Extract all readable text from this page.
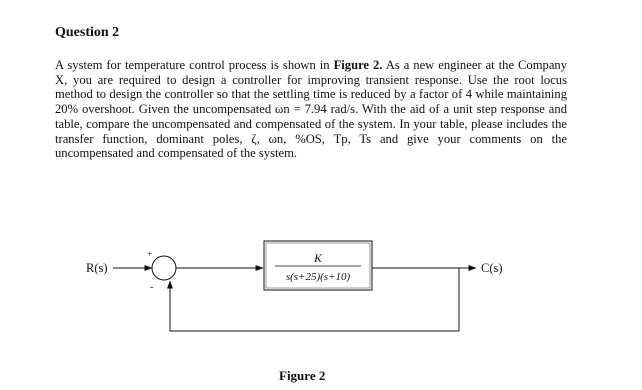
Question 2
A system for temperature control process is shown in Figure 2. As a new engineer at the Company X, you are required to design a controller for improving transient response. Use the root locus method to design the controller so that the settling time is reduced by a factor of 4 while maintaining 20% overshoot. Given the uncompensated ωn = 7.94 rad/s. With the aid of a unit step response and table, compare the uncompensated and compensated of the system. In your table, please includes the transfer function, dominant poles, ζ, ωn, %OS, Tp, Ts and give your comments on the uncompensated and compensated of the system.
R(s)
+
-
K
s(s+25)(s+10)
C(s)
Figure 2
